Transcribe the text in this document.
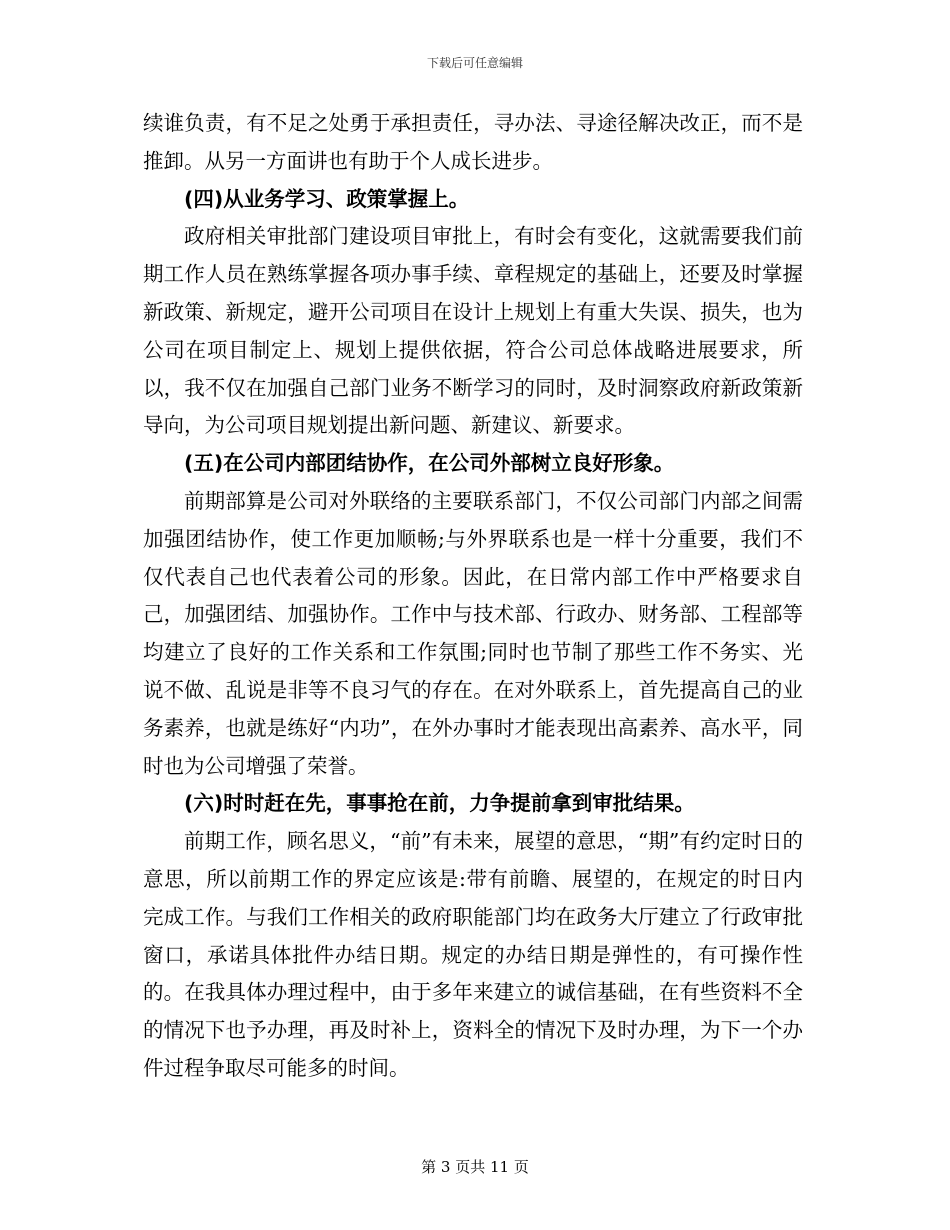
下载后可任意编辑

续谁负责，有不足之处勇于承担责任，寻办法、寻途径解决改正，而不是推卸。从另一方面讲也有助于个人成长进步。

(四)从业务学习、政策掌握上。

政府相关审批部门建设项目审批上，有时会有变化，这就需要我们前期工作人员在熟练掌握各项办事手续、章程规定的基础上，还要及时掌握新政策、新规定，避开公司项目在设计上规划上有重大失误、损失，也为公司在项目制定上、规划上提供依据，符合公司总体战略进展要求，所以，我不仅在加强自己部门业务不断学习的同时，及时洞察政府新政策新导向，为公司项目规划提出新问题、新建议、新要求。

(五)在公司内部团结协作，在公司外部树立良好形象。

前期部算是公司对外联络的主要联系部门，不仅公司部门内部之间需加强团结协作，使工作更加顺畅;与外界联系也是一样十分重要，我们不仅代表自己也代表着公司的形象。因此，在日常内部工作中严格要求自己，加强团结、加强协作。工作中与技术部、行政办、财务部、工程部等均建立了良好的工作关系和工作氛围;同时也节制了那些工作不务实、光说不做、乱说是非等不良习气的存在。在对外联系上，首先提高自己的业务素养，也就是练好“内功”，在外办事时才能表现出高素养、高水平，同时也为公司增强了荣誉。

(六)时时赶在先，事事抢在前，力争提前拿到审批结果。

前期工作，顾名思义，“前”有未来，展望的意思，“期”有约定时日的意思，所以前期工作的界定应该是:带有前瞻、展望的，在规定的时日内完成工作。与我们工作相关的政府职能部门均在政务大厅建立了行政审批窗口，承诺具体批件办结日期。规定的办结日期是弹性的，有可操作性的。在我具体办理过程中，由于多年来建立的诚信基础，在有些资料不全的情况下也予办理，再及时补上，资料全的情况下及时办理，为下一个办件过程争取尽可能多的时间。

第 3 页共 11 页
